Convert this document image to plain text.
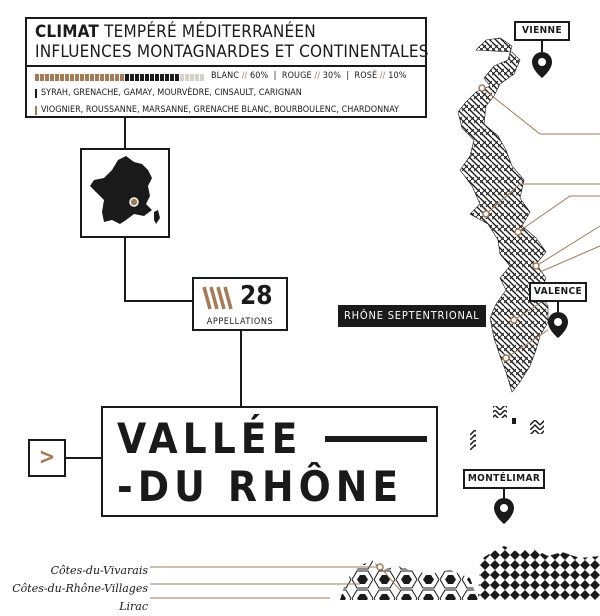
CLIMAT TEMPÉRÉ MÉDITERRANÉEN
INFLUENCES MONTAGNARDES ET CONTINENTALES
BLANC // 60%  |  ROUGE // 30%  |  ROSÉ // 10%
SYRAH, GRENACHE, GAMAY, MOURVÈDRE, CINSAULT, CARIGNAN
VIOGNIER, ROUSSANNE, MARSANNE, GRENACHE BLANC, BOURBOULENC, CHARDONNAY
28
APPELLATIONS
> VALLÉE
-DU RHÔNE
RHÔNE SEPTENTRIONAL
VIENNE
VALENCE
MONTÉLIMAR
Côtes-du-Vivarais
Côtes-du-Rhône-Villages
Lirac
